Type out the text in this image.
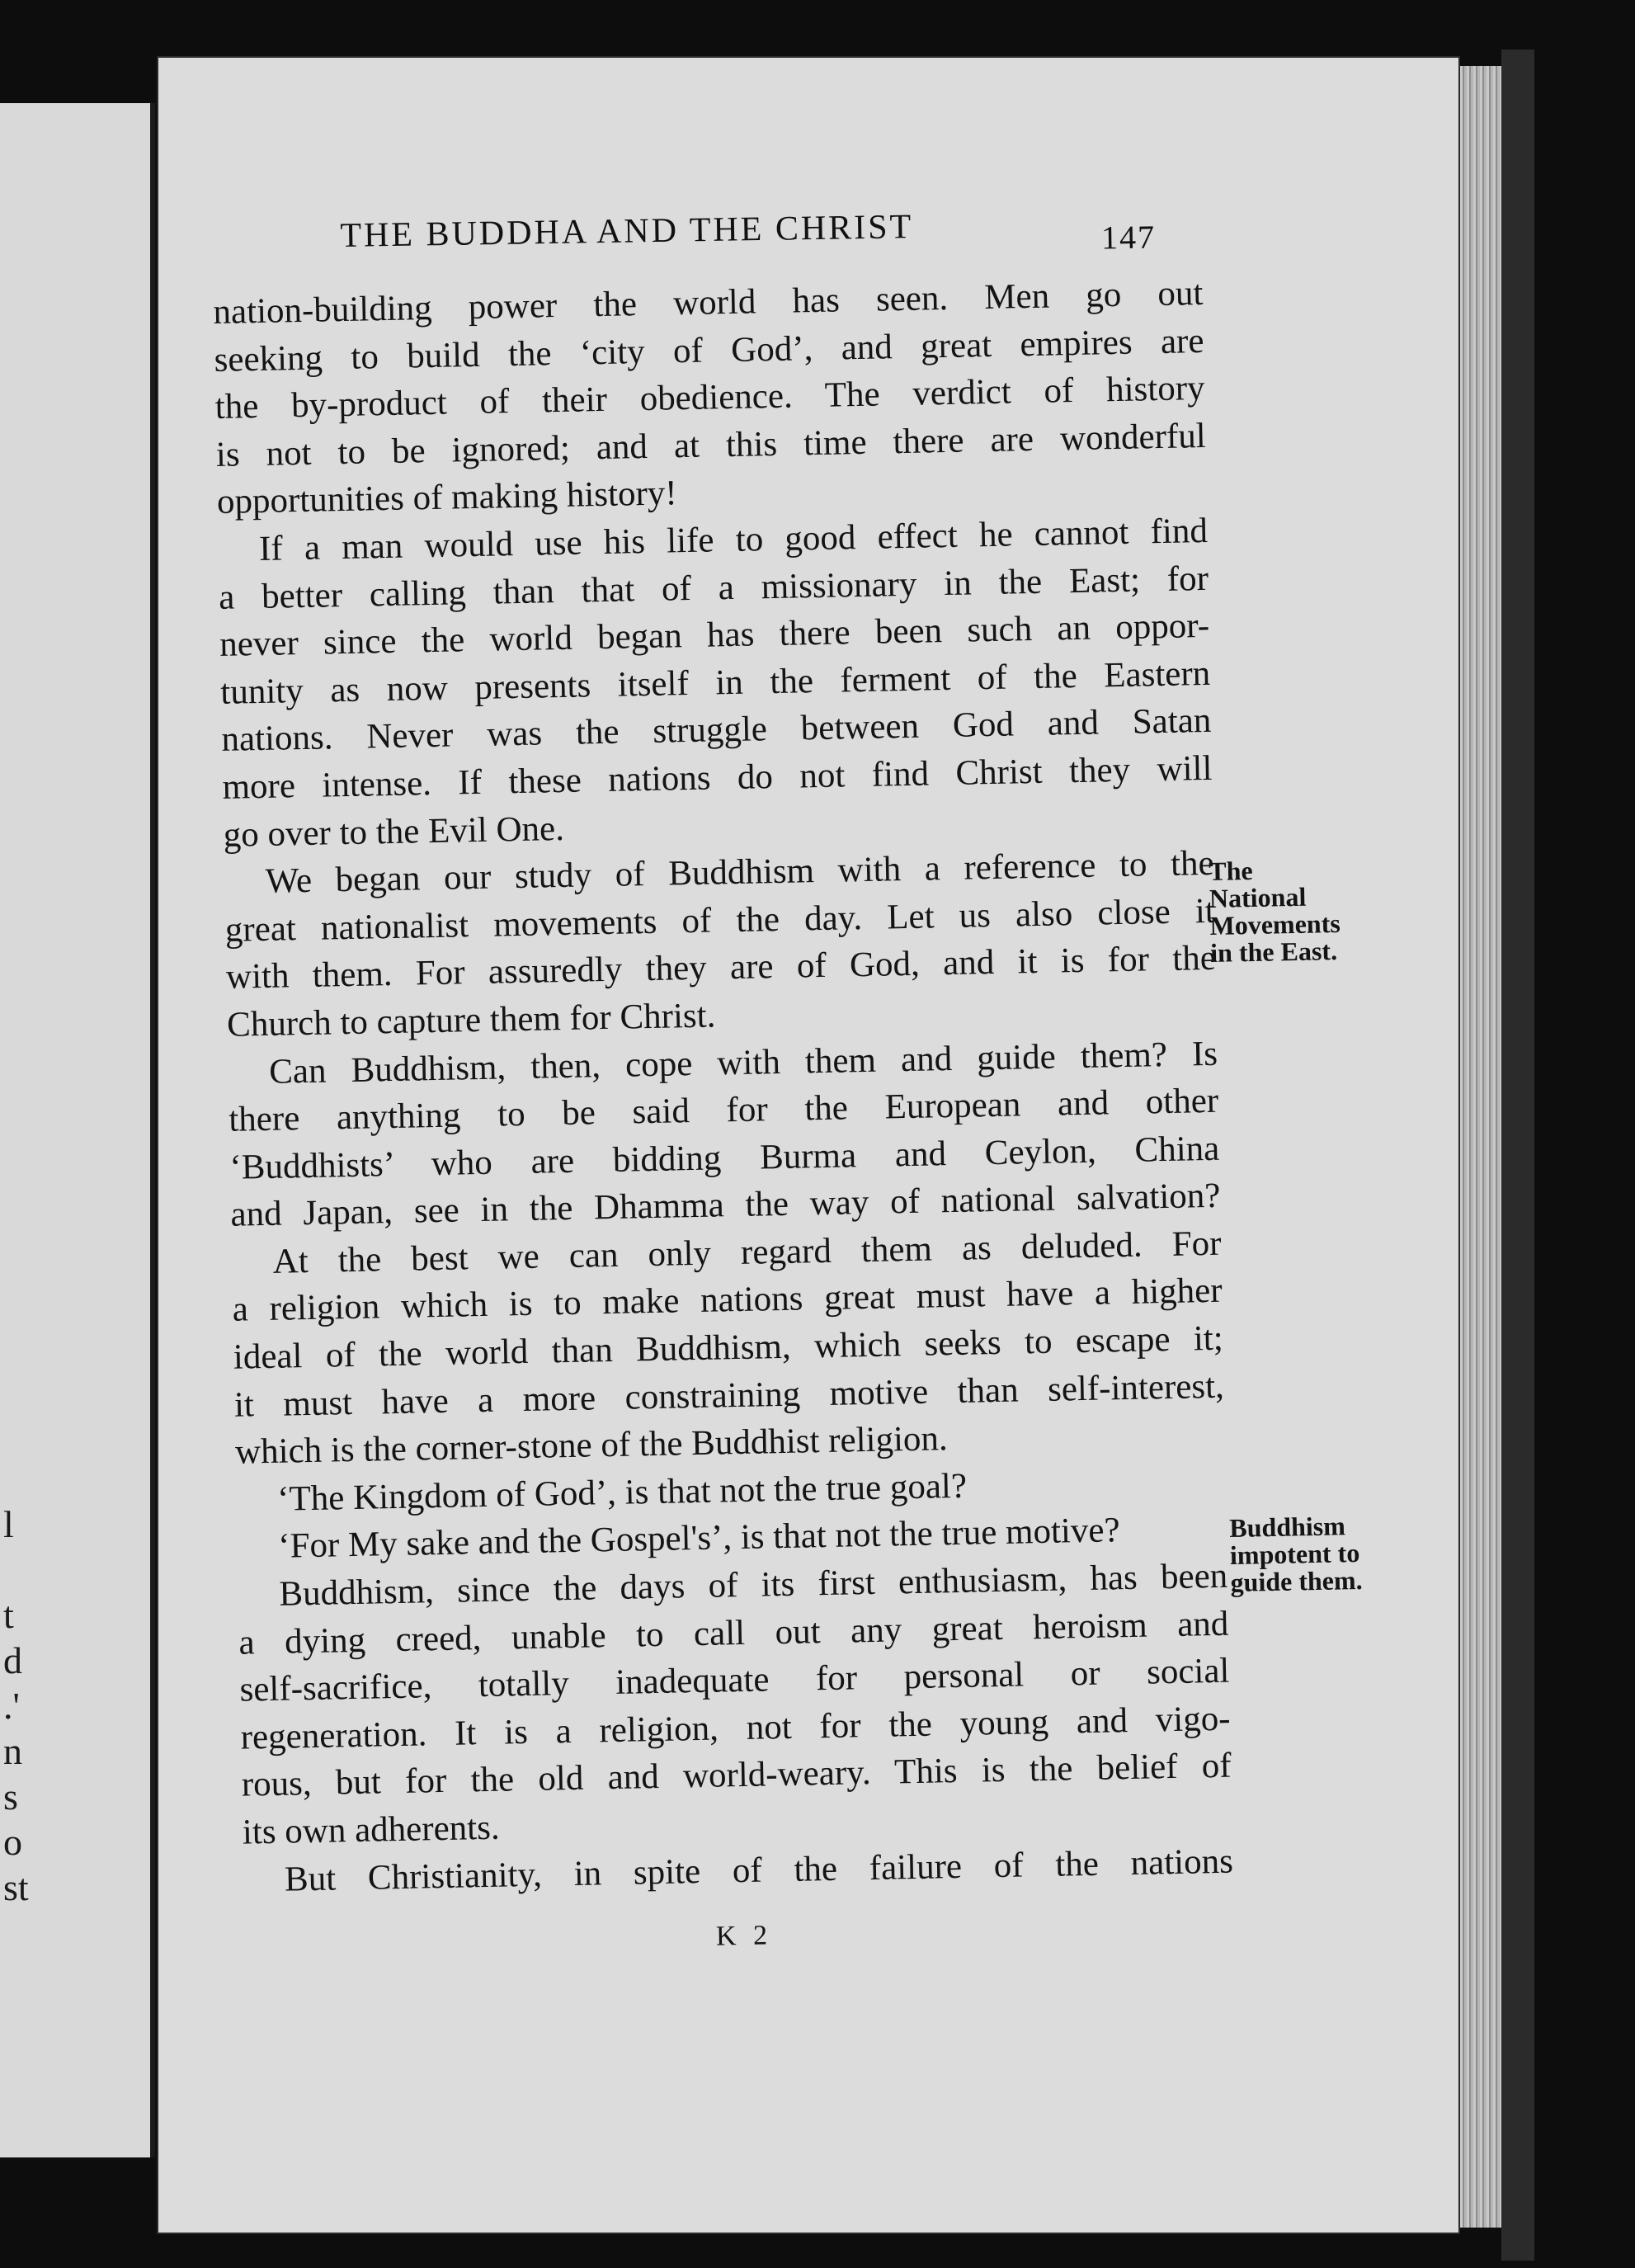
l
t
d
.'
n
s
o
st
THE BUDDHA AND THE CHRIST	147
nation-building power the world has seen. Men go out
seeking to build the ‘city of God’, and great empires are
the by-product of their obedience. The verdict of history
is not to be ignored; and at this time there are wonderful
opportunities of making history!
If a man would use his life to good effect he cannot find
a better calling than that of a missionary in the East; for
never since the world began has there been such an oppor-
tunity as now presents itself in the ferment of the Eastern
nations. Never was the struggle between God and Satan
more intense. If these nations do not find Christ they will
go over to the Evil One.
We began our study of Buddhism with a reference to the
great nationalist movements of the day. Let us also close it
with them. For assuredly they are of God, and it is for the
Church to capture them for Christ.
Can Buddhism, then, cope with them and guide them? Is
there anything to be said for the European and other
‘Buddhists’ who are bidding Burma and Ceylon, China
and Japan, see in the Dhamma the way of national salvation?
At the best we can only regard them as deluded. For
a religion which is to make nations great must have a higher
ideal of the world than Buddhism, which seeks to escape it;
it must have a more constraining motive than self-interest,
which is the corner-stone of the Buddhist religion.
‘The Kingdom of God’, is that not the true goal?
‘For My sake and the Gospel's’, is that not the true motive?
Buddhism, since the days of its first enthusiasm, has been
a dying creed, unable to call out any great heroism and
self-sacrifice, totally inadequate for personal or social
regeneration. It is a religion, not for the young and vigo-
rous, but for the old and world-weary. This is the belief of
its own adherents.
But Christianity, in spite of the failure of the nations
The
National
Movements
in the East.
Buddhism
impotent to
guide them.
K 2
